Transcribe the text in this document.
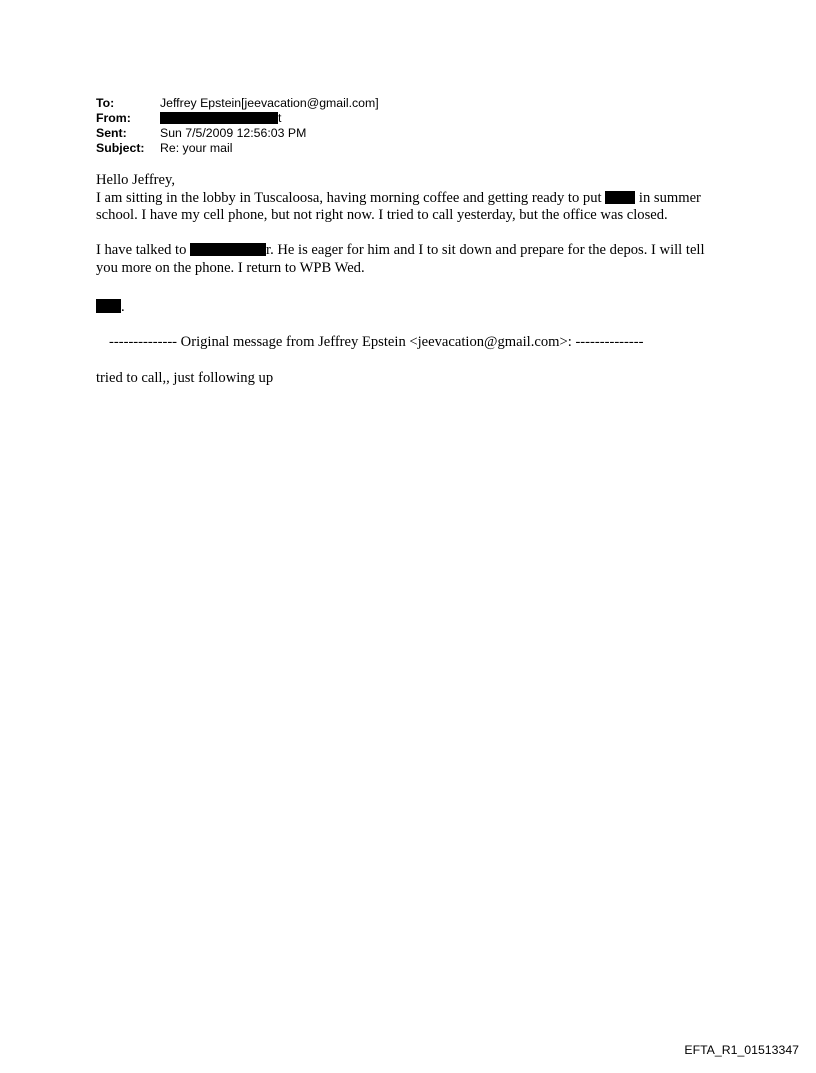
To:	Jeffrey Epstein[jeevacation@gmail.com]
From:	t
Sent:	Sun 7/5/2009 12:56:03 PM
Subject: Re: your mail

Hello Jeffrey,

I am sitting in the lobby in Tuscaloosa, having morning coffee and getting ready to put	in summer school. I have my cell phone, but not right now. I tried to call yesterday, but the office was closed.

I have talked to	r. He is eager for him and I to sit down and prepare for the depos. I will tell you more on the phone. I return to WPB Wed.

.

-------------- Original message from Jeffrey Epstein <jeevacation@gmail.com>: --------------

tried to call,, just following up

EFTA_R1_01513347
